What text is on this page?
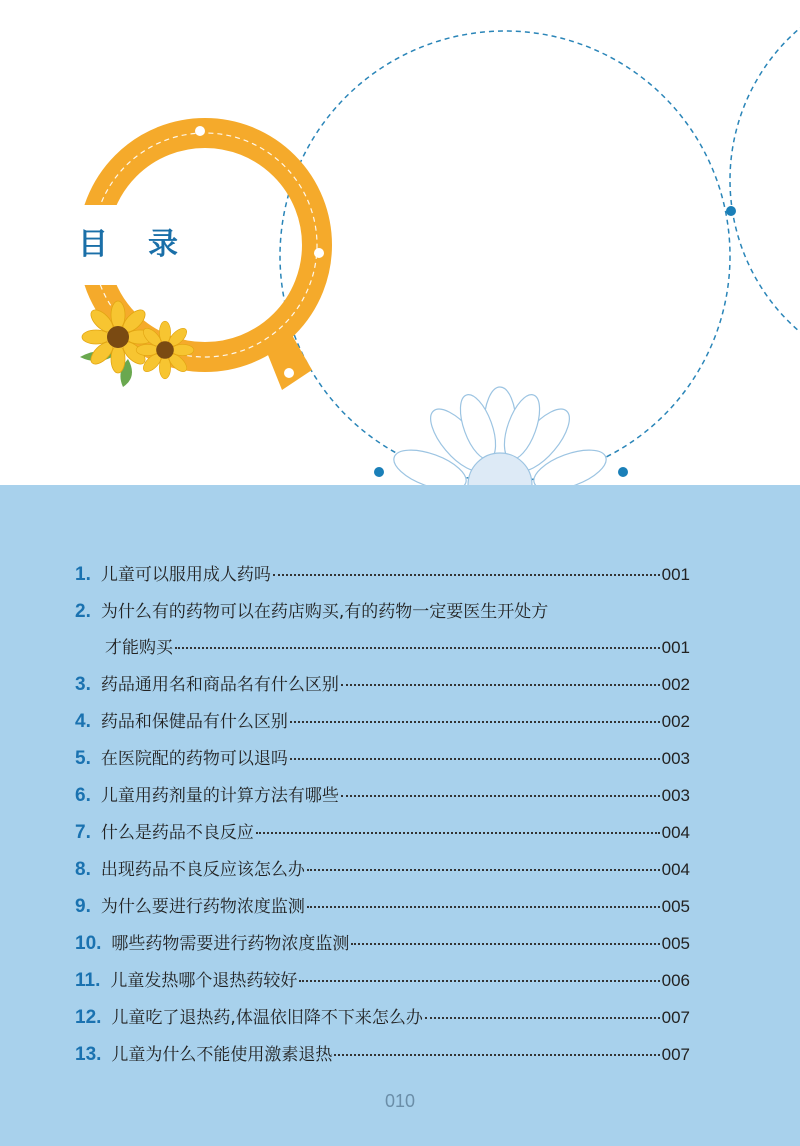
目录
1. 儿童可以服用成人药吗	001
2. 为什么有的药物可以在药店购买,有的药物一定要医生开处方
才能购买	001
3. 药品通用名和商品名有什么区别	002
4. 药品和保健品有什么区别	002
5. 在医院配的药物可以退吗	003
6. 儿童用药剂量的计算方法有哪些	003
7. 什么是药品不良反应	004
8. 出现药品不良反应该怎么办	004
9. 为什么要进行药物浓度监测	005
10. 哪些药物需要进行药物浓度监测	005
11. 儿童发热哪个退热药较好	006
12. 儿童吃了退热药,体温依旧降不下来怎么办	007
13. 儿童为什么不能使用激素退热	007
010
